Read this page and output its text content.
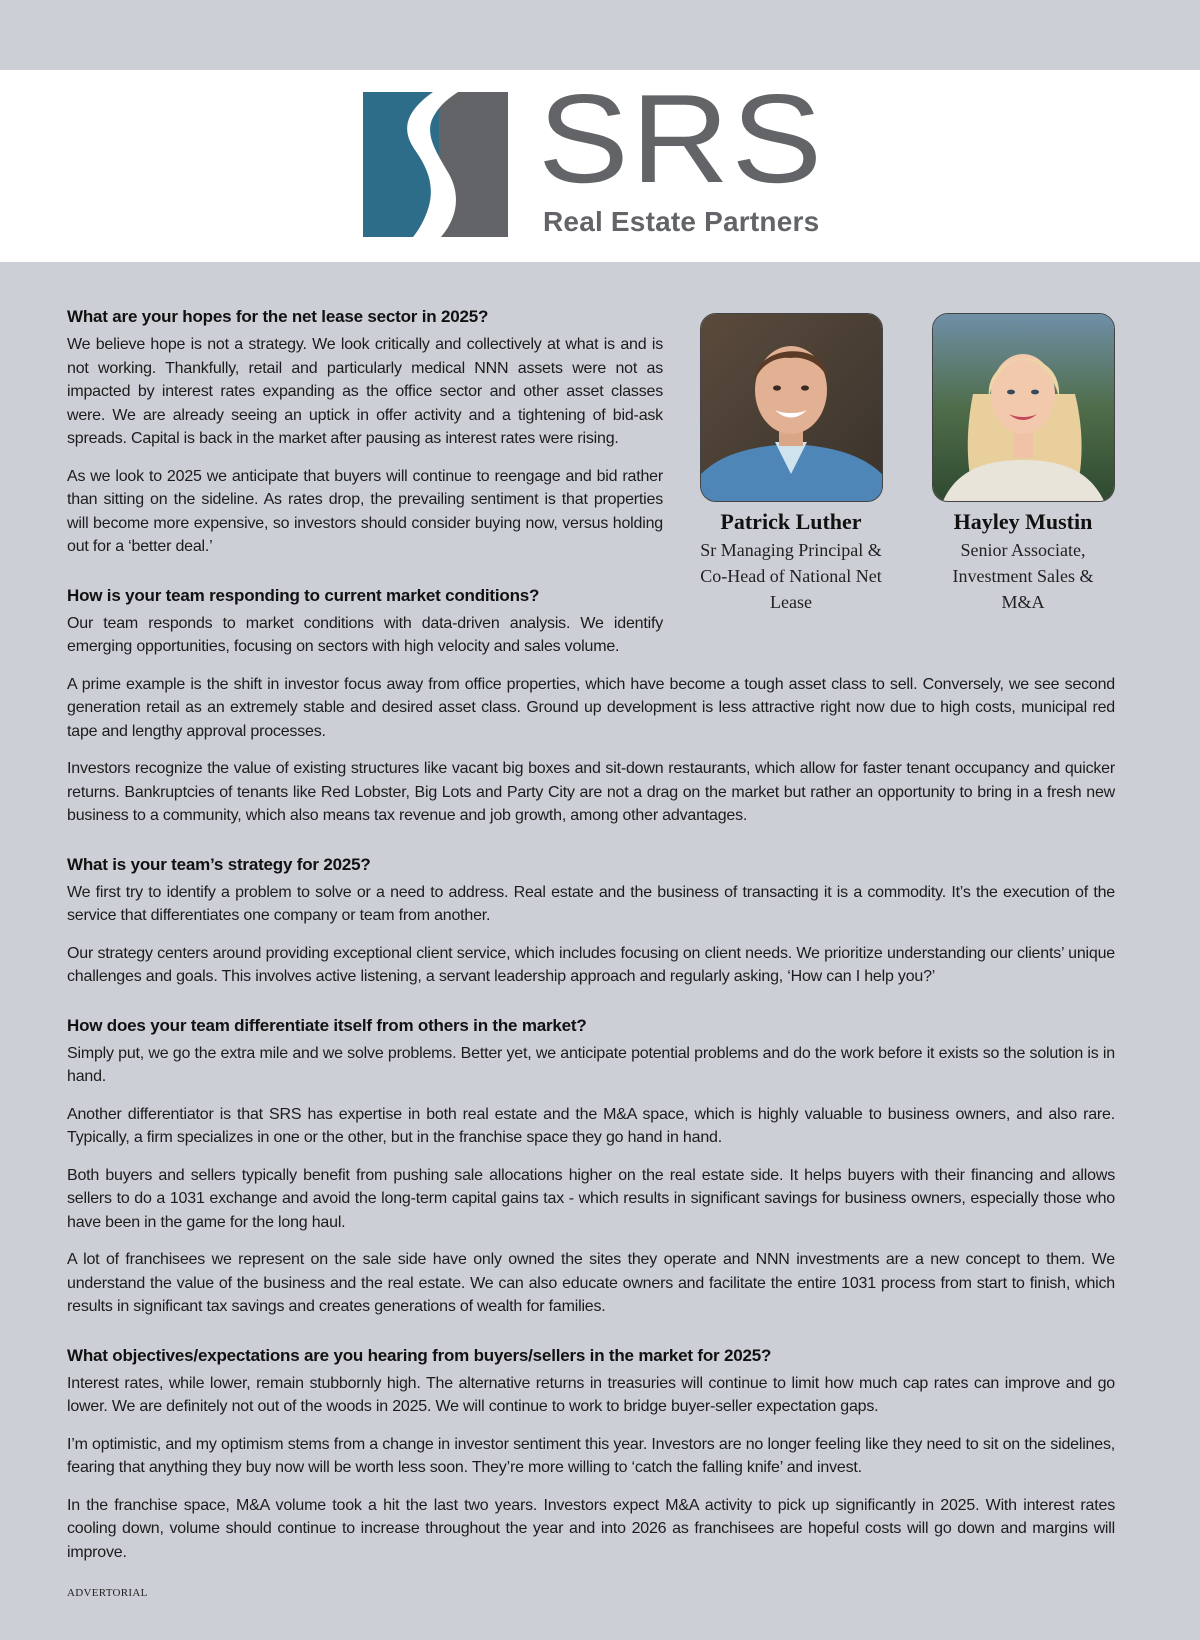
SRS
Real Estate Partners
Patrick Luther
Sr Managing Principal & Co-Head of National Net Lease
Hayley Mustin
Senior Associate, Investment Sales & M&A
What are your hopes for the net lease sector in 2025?

We believe hope is not a strategy. We look critically and collectively at what is and is not working. Thankfully, retail and particularly medical NNN assets were not as impacted by interest rates expanding as the office sector and other asset classes were. We are already seeing an uptick in offer activity and a tightening of bid-ask spreads. Capital is back in the market after pausing as interest rates were rising.

As we look to 2025 we anticipate that buyers will continue to reengage and bid rather than sitting on the sideline. As rates drop, the prevailing sentiment is that properties will become more expensive, so investors should consider buying now, versus holding out for a ‘better deal.’

How is your team responding to current market conditions?

Our team responds to market conditions with data-driven analysis. We identify emerging opportunities, focusing on sectors with high velocity and sales volume.

A prime example is the shift in investor focus away from office properties, which have become a tough asset class to sell. Conversely, we see second generation retail as an extremely stable and desired asset class. Ground up development is less attractive right now due to high costs, municipal red tape and lengthy approval processes.

Investors recognize the value of existing structures like vacant big boxes and sit-down restaurants, which allow for faster tenant occupancy and quicker returns. Bankruptcies of tenants like Red Lobster, Big Lots and Party City are not a drag on the market but rather an opportunity to bring in a fresh new business to a community, which also means tax revenue and job growth, among other advantages.

What is your team’s strategy for 2025?

We first try to identify a problem to solve or a need to address. Real estate and the business of transacting it is a commodity. It’s the execution of the service that differentiates one company or team from another.

Our strategy centers around providing exceptional client service, which includes focusing on client needs. We prioritize understanding our clients’ unique challenges and goals. This involves active listening, a servant leadership approach and regularly asking, ‘How can I help you?’

How does your team differentiate itself from others in the market?

Simply put, we go the extra mile and we solve problems. Better yet, we anticipate potential problems and do the work before it exists so the solution is in hand.

Another differentiator is that SRS has expertise in both real estate and the M&A space, which is highly valuable to business owners, and also rare. Typically, a firm specializes in one or the other, but in the franchise space they go hand in hand.

Both buyers and sellers typically benefit from pushing sale allocations higher on the real estate side. It helps buyers with their financing and allows sellers to do a 1031 exchange and avoid the long-term capital gains tax - which results in significant savings for business owners, especially those who have been in the game for the long haul.

A lot of franchisees we represent on the sale side have only owned the sites they operate and NNN investments are a new concept to them. We understand the value of the business and the real estate. We can also educate owners and facilitate the entire 1031 process from start to finish, which results in significant tax savings and creates generations of wealth for families.

What objectives/expectations are you hearing from buyers/sellers in the market for 2025?

Interest rates, while lower, remain stubbornly high. The alternative returns in treasuries will continue to limit how much cap rates can improve and go lower. We are definitely not out of the woods in 2025. We will continue to work to bridge buyer-seller expectation gaps.

I’m optimistic, and my optimism stems from a change in investor sentiment this year. Investors are no longer feeling like they need to sit on the sidelines, fearing that anything they buy now will be worth less soon. They’re more willing to ‘catch the falling knife’ and invest.

In the franchise space, M&A volume took a hit the last two years. Investors expect M&A activity to pick up significantly in 2025. With interest rates cooling down, volume should continue to increase throughout the year and into 2026 as franchisees are hopeful costs will go down and margins will improve.

ADVERTORIAL
